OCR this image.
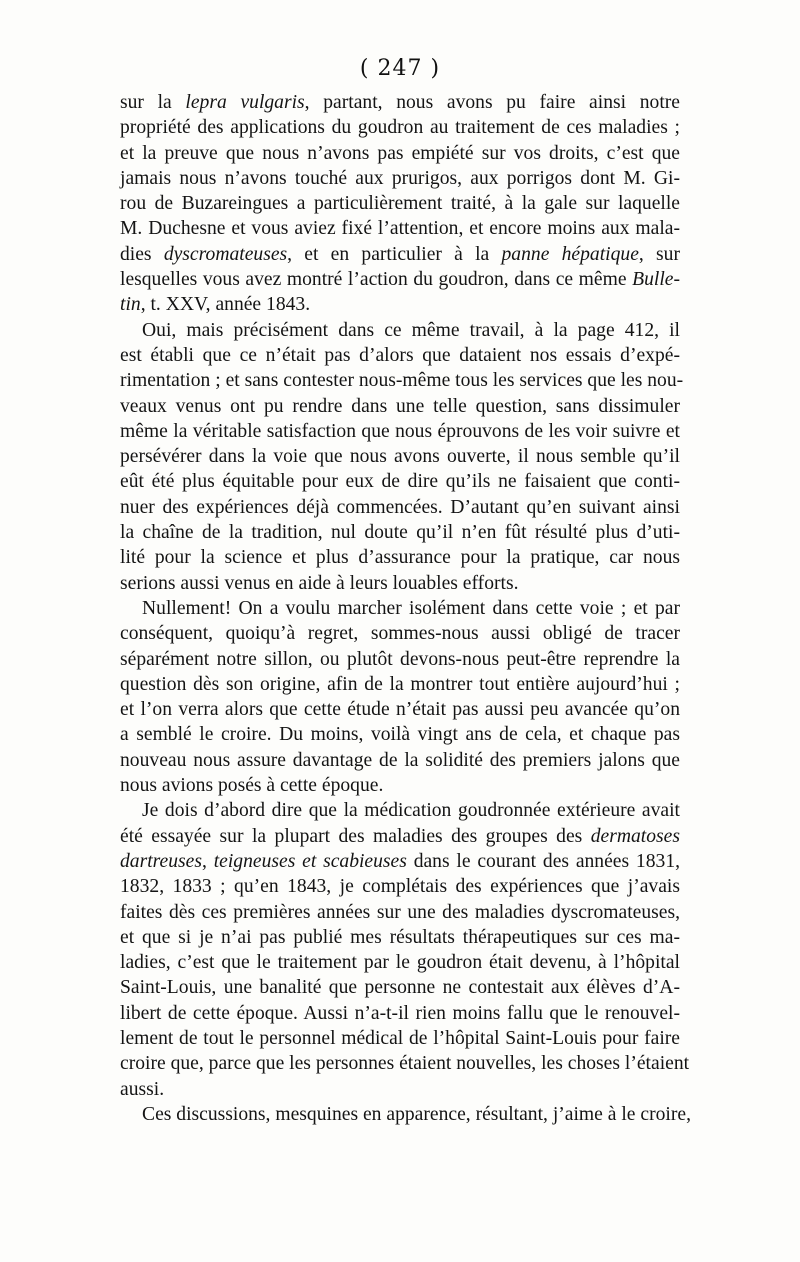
( 247 )
sur la lepra vulgaris, partant, nous avons pu faire ainsi notre
propriété des applications du goudron au traitement de ces maladies ;
et la preuve que nous n’avons pas empiété sur vos droits, c’est que
jamais nous n’avons touché aux prurigos, aux porrigos dont M. Gi-
rou de Buzareingues a particulièrement traité, à la gale sur laquelle
M. Duchesne et vous aviez fixé l’attention, et encore moins aux mala-
dies dyscromateuses, et en particulier à la panne hépatique, sur
lesquelles vous avez montré l’action du goudron, dans ce même Bulle-
tin, t. XXV, année 1843.
Oui, mais précisément dans ce même travail, à la page 412, il
est établi que ce n’était pas d’alors que dataient nos essais d’expé-
rimentation ; et sans contester nous-même tous les services que les nou-
veaux venus ont pu rendre dans une telle question, sans dissimuler
même la véritable satisfaction que nous éprouvons de les voir suivre et
persévérer dans la voie que nous avons ouverte, il nous semble qu’il
eût été plus équitable pour eux de dire qu’ils ne faisaient que conti-
nuer des expériences déjà commencées. D’autant qu’en suivant ainsi
la chaîne de la tradition, nul doute qu’il n’en fût résulté plus d’uti-
lité pour la science et plus d’assurance pour la pratique, car nous
serions aussi venus en aide à leurs louables efforts.
Nullement! On a voulu marcher isolément dans cette voie ; et par
conséquent, quoiqu’à regret, sommes-nous aussi obligé de tracer
séparément notre sillon, ou plutôt devons-nous peut-être reprendre la
question dès son origine, afin de la montrer tout entière aujourd’hui ;
et l’on verra alors que cette étude n’était pas aussi peu avancée qu’on
a semblé le croire. Du moins, voilà vingt ans de cela, et chaque pas
nouveau nous assure davantage de la solidité des premiers jalons que
nous avions posés à cette époque.
Je dois d’abord dire que la médication goudronnée extérieure avait
été essayée sur la plupart des maladies des groupes des dermatoses
dartreuses, teigneuses et scabieuses dans le courant des années 1831,
1832, 1833 ; qu’en 1843, je complétais des expériences que j’avais
faites dès ces premières années sur une des maladies dyscromateuses,
et que si je n’ai pas publié mes résultats thérapeutiques sur ces ma-
ladies, c’est que le traitement par le goudron était devenu, à l’hôpital
Saint-Louis, une banalité que personne ne contestait aux élèves d’A-
libert de cette époque. Aussi n’a-t-il rien moins fallu que le renouvel-
lement de tout le personnel médical de l’hôpital Saint-Louis pour faire
croire que, parce que les personnes étaient nouvelles, les choses l’étaient
aussi.
Ces discussions, mesquines en apparence, résultant, j’aime à le croire,
